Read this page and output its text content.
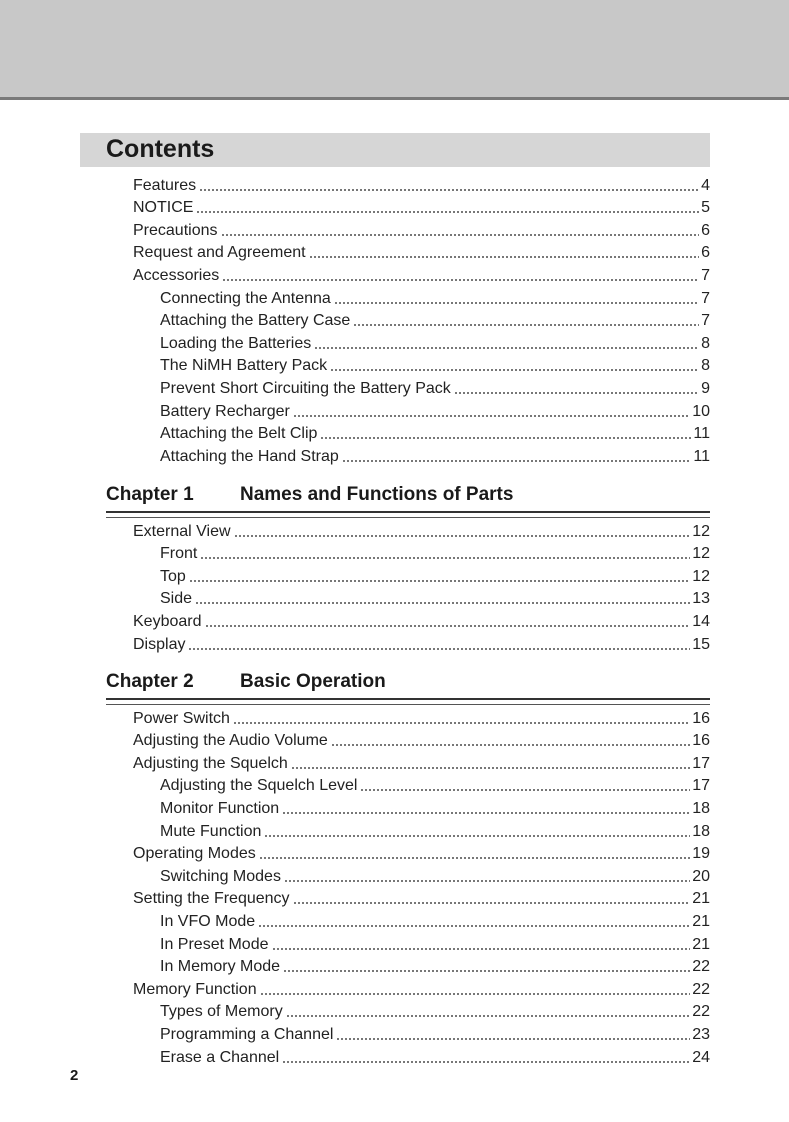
Contents
Features	4
NOTICE	5
Precautions	6
Request and Agreement	6
Accessories	7
Connecting the Antenna	7
Attaching the Battery Case	7
Loading the Batteries	8
The NiMH Battery Pack	8
Prevent Short Circuiting the Battery Pack	9
Battery Recharger	10
Attaching the Belt Clip	11
Attaching the Hand Strap	11
Chapter 1	Names and Functions of Parts
External View	12
Front	12
Top	12
Side	13
Keyboard	14
Display	15
Chapter 2	Basic Operation
Power Switch	16
Adjusting the Audio Volume	16
Adjusting the Squelch	17
Adjusting the Squelch Level	17
Monitor Function	18
Mute Function	18
Operating Modes	19
Switching Modes	20
Setting the Frequency	21
In VFO Mode	21
In Preset Mode	21
In Memory Mode	22
Memory Function	22
Types of Memory	22
Programming a Channel	23
Erase a Channel	24
2
